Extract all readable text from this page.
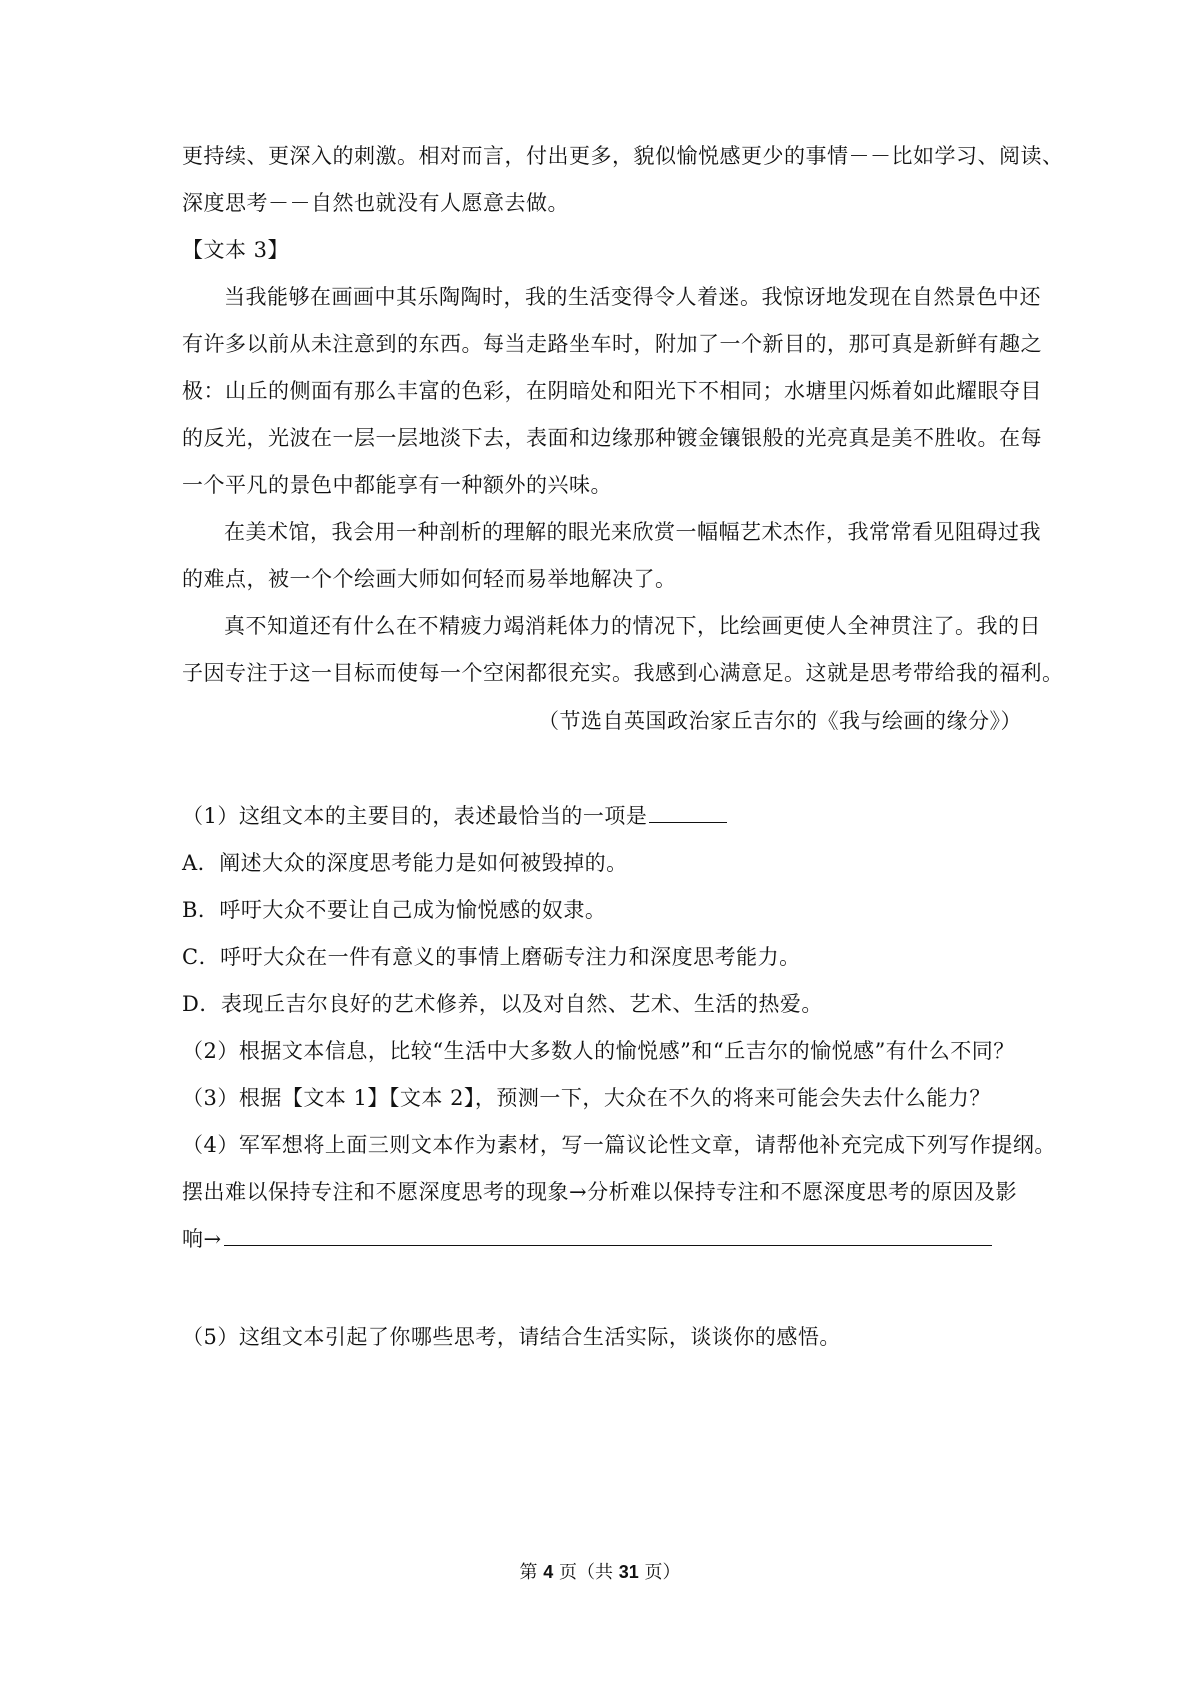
更持续、更深入的刺激。相对而言，付出更多，貌似愉悦感更少的事情－－比如学习、阅读、
深度思考－－自然也就没有人愿意去做。
【文本 3】
当我能够在画画中其乐陶陶时，我的生活变得令人着迷。我惊讶地发现在自然景色中还
有许多以前从未注意到的东西。每当走路坐车时，附加了一个新目的，那可真是新鲜有趣之
极：山丘的侧面有那么丰富的色彩，在阴暗处和阳光下不相同；水塘里闪烁着如此耀眼夺目
的反光，光波在一层一层地淡下去，表面和边缘那种镀金镶银般的光亮真是美不胜收。在每
一个平凡的景色中都能享有一种额外的兴味。
在美术馆，我会用一种剖析的理解的眼光来欣赏一幅幅艺术杰作，我常常看见阻碍过我
的难点，被一个个绘画大师如何轻而易举地解决了。
真不知道还有什么在不精疲力竭消耗体力的情况下，比绘画更使人全神贯注了。我的日
子因专注于这一目标而使每一个空闲都很充实。我感到心满意足。这就是思考带给我的福利。
（节选自英国政治家丘吉尔的《我与绘画的缘分》）
（1）这组文本的主要目的，表述最恰当的一项是
A．阐述大众的深度思考能力是如何被毁掉的。
B．呼吁大众不要让自己成为愉悦感的奴隶。
C．呼吁大众在一件有意义的事情上磨砺专注力和深度思考能力。
D．表现丘吉尔良好的艺术修养，以及对自然、艺术、生活的热爱。
（2）根据文本信息，比较“生活中大多数人的愉悦感”和“丘吉尔的愉悦感”有什么不同？
（3）根据【文本 1】【文本 2】，预测一下，大众在不久的将来可能会失去什么能力？
（4）军军想将上面三则文本作为素材，写一篇议论性文章，请帮他补充完成下列写作提纲。
摆出难以保持专注和不愿深度思考的现象→分析难以保持专注和不愿深度思考的原因及影
响→
（5）这组文本引起了你哪些思考，请结合生活实际，谈谈你的感悟。
第 4 页（共 31 页）
